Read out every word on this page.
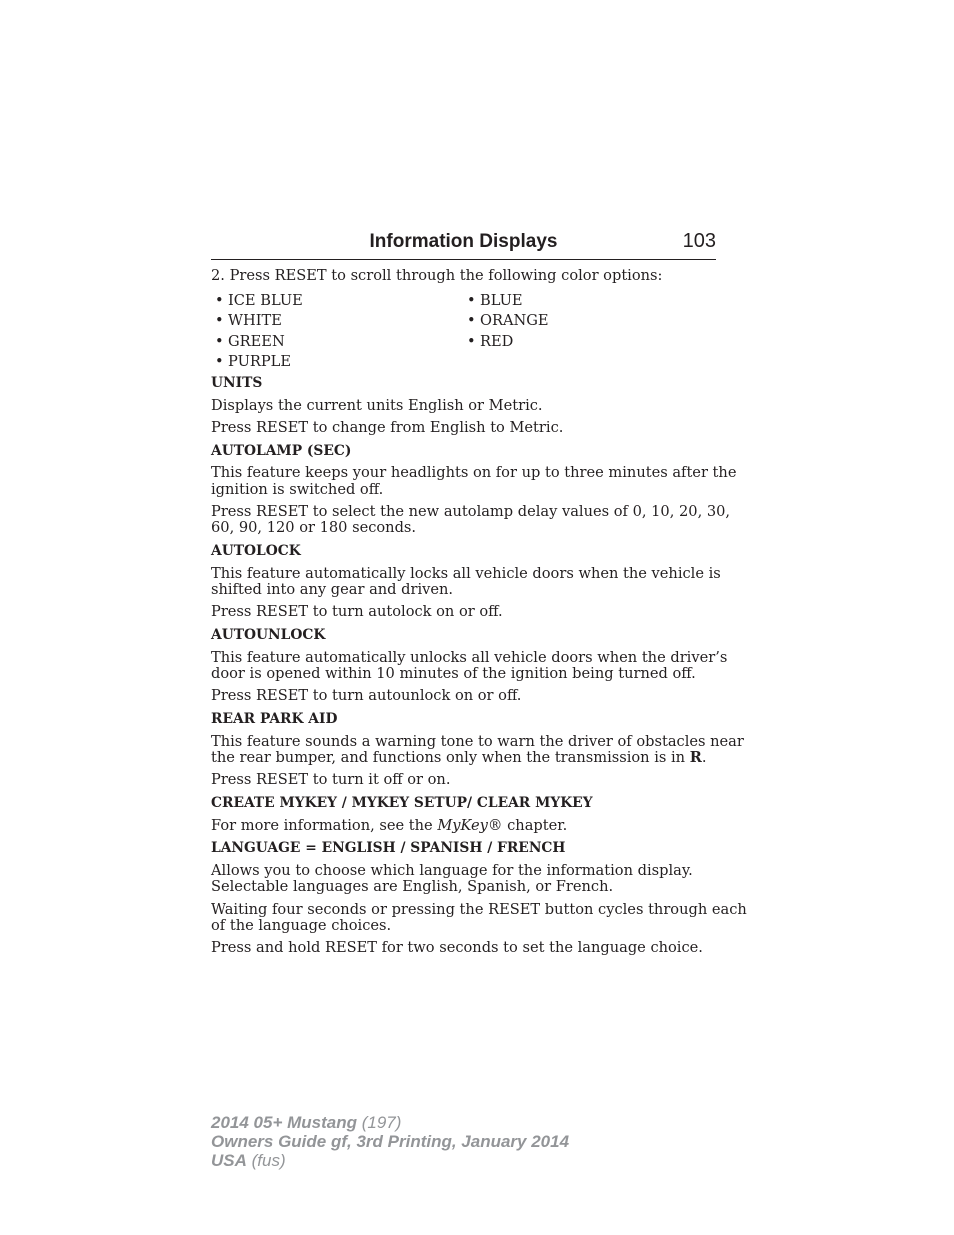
Information Displays	103

2. Press RESET to scroll through the following color options:

• ICE BLUE
• WHITE
• GREEN
• PURPLE
• BLUE
• ORANGE
• RED

UNITS

Displays the current units English or Metric.

Press RESET to change from English to Metric.

AUTOLAMP (SEC)

This feature keeps your headlights on for up to three minutes after the

ignition is switched off.

Press RESET to select the new autolamp delay values of 0, 10, 20, 30,

60, 90, 120 or 180 seconds.

AUTOLOCK

This feature automatically locks all vehicle doors when the vehicle is

shifted into any gear and driven.

Press RESET to turn autolock on or off.

AUTOUNLOCK

This feature automatically unlocks all vehicle doors when the driver’s

door is opened within 10 minutes of the ignition being turned off.

Press RESET to turn autounlock on or off.

REAR PARK AID

This feature sounds a warning tone to warn the driver of obstacles near

the rear bumper, and functions only when the transmission is in R.

Press RESET to turn it off or on.

CREATE MYKEY / MYKEY SETUP/ CLEAR MYKEY

For more information, see the MyKey® chapter.

LANGUAGE = ENGLISH / SPANISH / FRENCH

Allows you to choose which language for the information display.

Selectable languages are English, Spanish, or French.

Waiting four seconds or pressing the RESET button cycles through each

of the language choices.

Press and hold RESET for two seconds to set the language choice.

2014 05+ Mustang (197)
Owners Guide gf, 3rd Printing, January 2014
USA (fus)
